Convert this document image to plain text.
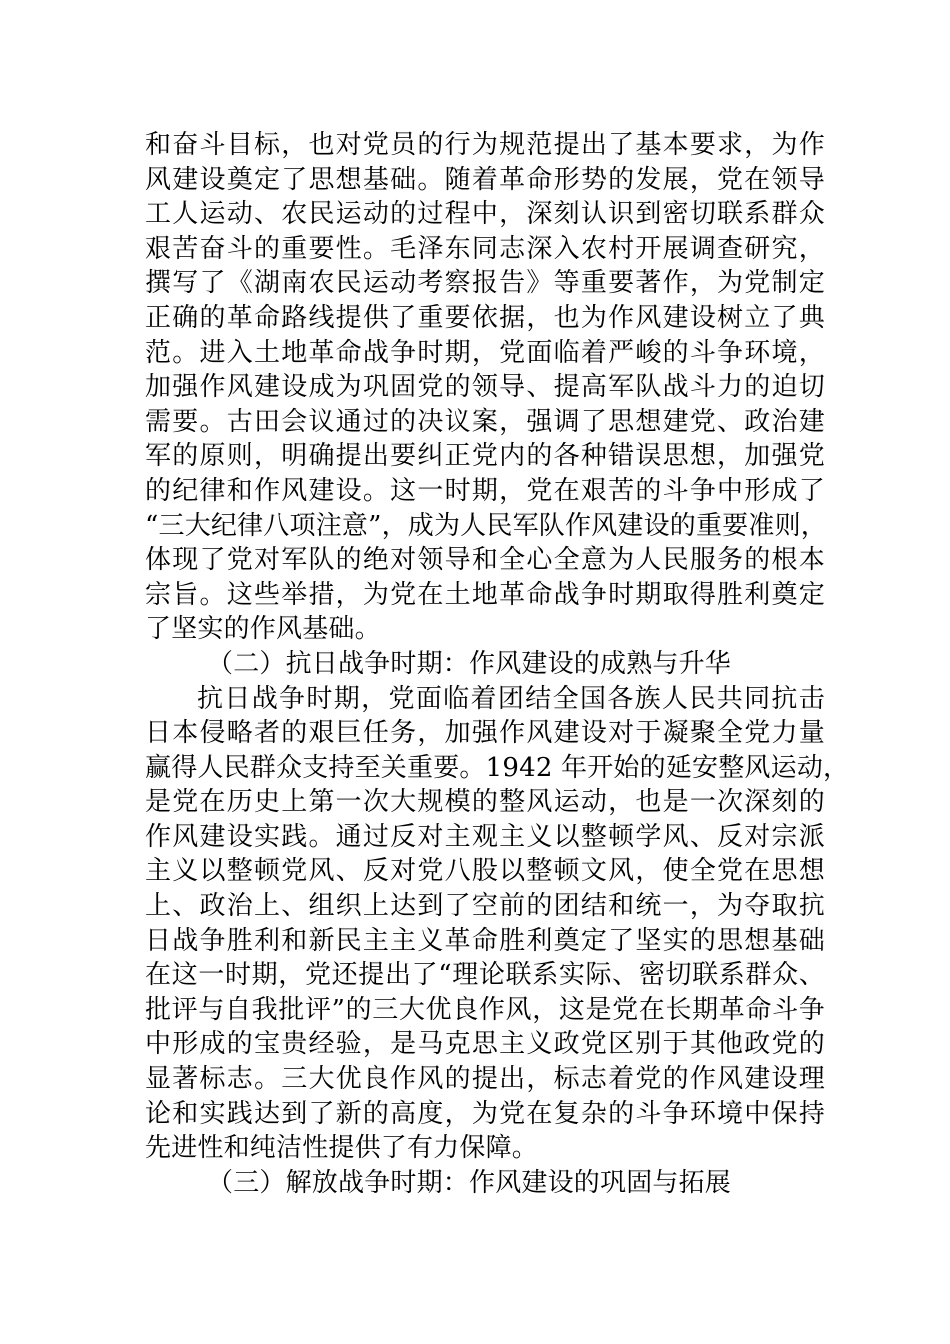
和奋斗目标，也对党员的行为规范提出了基本要求，为作
风建设奠定了思想基础。随着革命形势的发展，党在领导
工人运动、农民运动的过程中，深刻认识到密切联系群众
艰苦奋斗的重要性。毛泽东同志深入农村开展调查研究，
撰写了《湖南农民运动考察报告》等重要著作，为党制定
正确的革命路线提供了重要依据，也为作风建设树立了典
范。进入土地革命战争时期，党面临着严峻的斗争环境，
加强作风建设成为巩固党的领导、提高军队战斗力的迫切
需要。古田会议通过的决议案，强调了思想建党、政治建
军的原则，明确提出要纠正党内的各种错误思想，加强党
的纪律和作风建设。这一时期，党在艰苦的斗争中形成了
“三大纪律八项注意”，成为人民军队作风建设的重要准则，
体现了党对军队的绝对领导和全心全意为人民服务的根本
宗旨。这些举措，为党在土地革命战争时期取得胜利奠定
了坚实的作风基础。
（二）抗日战争时期：作风建设的成熟与升华
抗日战争时期，党面临着团结全国各族人民共同抗击
日本侵略者的艰巨任务，加强作风建设对于凝聚全党力量
赢得人民群众支持至关重要。1942 年开始的延安整风运动，
是党在历史上第一次大规模的整风运动，也是一次深刻的
作风建设实践。通过反对主观主义以整顿学风、反对宗派
主义以整顿党风、反对党八股以整顿文风，使全党在思想
上、政治上、组织上达到了空前的团结和统一，为夺取抗
日战争胜利和新民主主义革命胜利奠定了坚实的思想基础
在这一时期，党还提出了“理论联系实际、密切联系群众、
批评与自我批评”的三大优良作风，这是党在长期革命斗争
中形成的宝贵经验，是马克思主义政党区别于其他政党的
显著标志。三大优良作风的提出，标志着党的作风建设理
论和实践达到了新的高度，为党在复杂的斗争环境中保持
先进性和纯洁性提供了有力保障。
（三）解放战争时期：作风建设的巩固与拓展
